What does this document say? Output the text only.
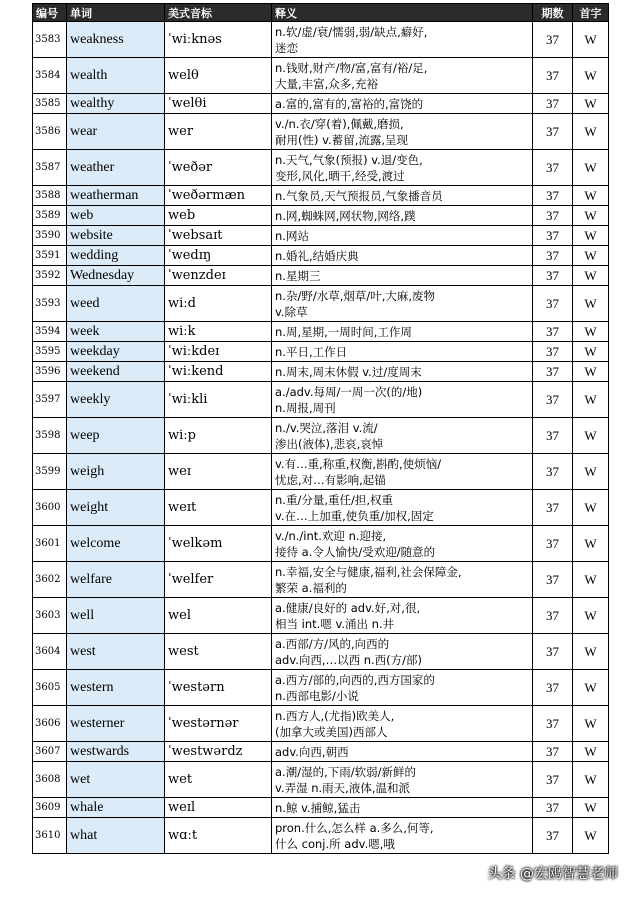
编号	单词	美式音标	释义	期数	首字
3583	weakness	ˈwiːknəs	n.软/虚/衰/懦弱,弱/缺点,癖好,
迷恋	37	W
3584	wealth	welθ	n.钱财,财产/物/富,富有/裕/足,
大量,丰富,众多,充裕	37	W
3585	wealthy	ˈwelθi	a.富的,富有的,富裕的,富饶的	37	W
3586	wear	wer	v./n.衣/穿(着),佩戴,磨损,
耐用(性) v.蓄留,流露,呈现	37	W
3587	weather	ˈweðər	n.天气,气象(预报) v.退/变色,
变形,风化,晒干,经受,渡过	37	W
3588	weatherman	ˈweðərmæn	n.气象员,天气预报员,气象播音员	37	W
3589	web	web	n.网,蜘蛛网,网状物,网络,蹼	37	W
3590	website	ˈwebsaɪt	n.网站	37	W
3591	wedding	ˈwedɪŋ	n.婚礼,结婚庆典	37	W
3592	Wednesday	ˈwenzdeɪ	n.星期三	37	W
3593	weed	wiːd	n.杂/野/水草,烟草/叶,大麻,废物
v.除草	37	W
3594	week	wiːk	n.周,星期,一周时间,工作周	37	W
3595	weekday	ˈwiːkdeɪ	n.平日,工作日	37	W
3596	weekend	ˈwiːkend	n.周末,周末休假 v.过/度周末	37	W
3597	weekly	ˈwiːkli	a./adv.每周/一周一次(的/地)
n.周报,周刊	37	W
3598	weep	wiːp	n./v.哭泣,落泪 v.流/
渗出(液体),悲哀,哀悼	37	W
3599	weigh	weɪ	v.有…重,称重,权衡,斟酌,使烦恼/
忧虑,对…有影响,起锚	37	W
3600	weight	weɪt	n.重/分量,重任/担,权重
v.在…上加重,使负重/加权,固定	37	W
3601	welcome	ˈwelkəm	v./n./int.欢迎 n.迎接,
接待 a.令人愉快/受欢迎/随意的	37	W
3602	welfare	ˈwelfer	n.幸福,安全与健康,福利,社会保障金,
繁荣 a.福利的	37	W
3603	well	wel	a.健康/良好的 adv.好,对,很,
相当 int.嗯 v.涌出 n.井	37	W
3604	west	west	a.西部/方/风的,向西的
adv.向西,…以西 n.西(方/部)	37	W
3605	western	ˈwestərn	a.西方/部的,向西的,西方国家的
n.西部电影/小说	37	W
3606	westerner	ˈwestərnər	n.西方人,(尤指)欧美人,
(加拿大或美国)西部人	37	W
3607	westwards	ˈwestwərdz	adv.向西,朝西	37	W
3608	wet	wet	a.潮/湿的,下雨/软弱/新鲜的
v.弄湿 n.雨天,液体,温和派	37	W
3609	whale	weɪl	n.鲸 v.捕鲸,猛击	37	W
3610	what	wɑːt	pron.什么,怎么样 a.多么,何等,
什么 conj.所 adv.嗯,哦	37	W
头条 @宏鸥智慧老师
